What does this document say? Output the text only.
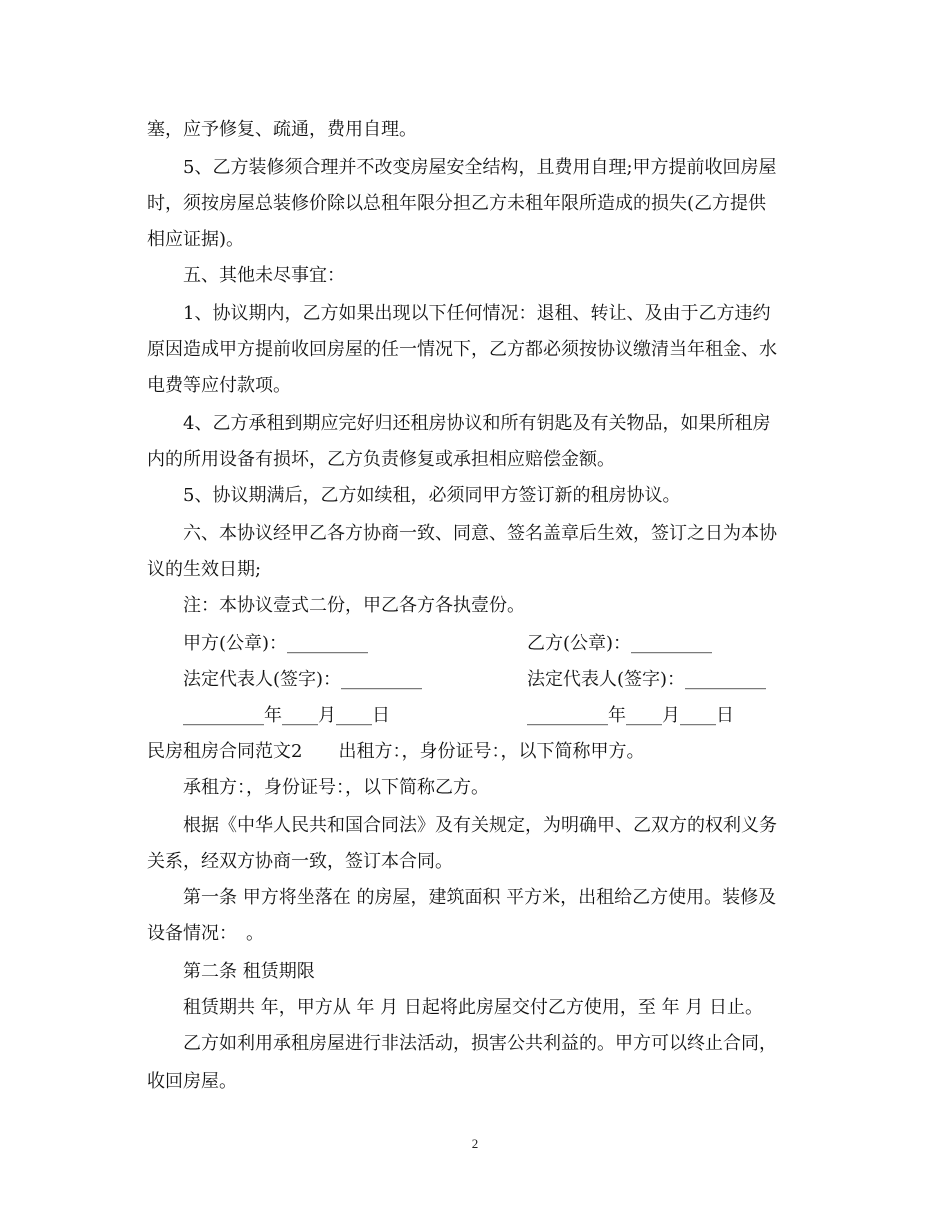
塞，应予修复、疏通，费用自理。
5、乙方装修须合理并不改变房屋安全结构，且费用自理;甲方提前收回房屋
时，须按房屋总装修价除以总租年限分担乙方未租年限所造成的损失(乙方提供
相应证据)。
五、其他未尽事宜：
1、协议期内，乙方如果出现以下任何情况：退租、转让、及由于乙方违约
原因造成甲方提前收回房屋的任一情况下，乙方都必须按协议缴清当年租金、水
电费等应付款项。
4、乙方承租到期应完好归还租房协议和所有钥匙及有关物品，如果所租房
内的所用设备有损坏，乙方负责修复或承担相应赔偿金额。
5、协议期满后，乙方如续租，必须同甲方签订新的租房协议。
六、本协议经甲乙各方协商一致、同意、签名盖章后生效，签订之日为本协
议的生效日期;
注：本协议壹式二份，甲乙各方各执壹份。
甲方(公章)：_________	乙方(公章)：_________
法定代表人(签字)：_________	法定代表人(签字)：_________
_________年____月____日	_________年____月____日
民房租房合同范文2　　出租方：，身份证号：，以下简称甲方。
承租方：，身份证号：，以下简称乙方。
根据《中华人民共和国合同法》及有关规定，为明确甲、乙双方的权利义务
关系，经双方协商一致，签订本合同。
第一条 甲方将坐落在 的房屋，建筑面积 平方米，出租给乙方使用。装修及
设备情况：　。
第二条 租赁期限
租赁期共 年，甲方从 年 月 日起将此房屋交付乙方使用，至 年 月 日止。
乙方如利用承租房屋进行非法活动，损害公共利益的。甲方可以终止合同，
收回房屋。
2
